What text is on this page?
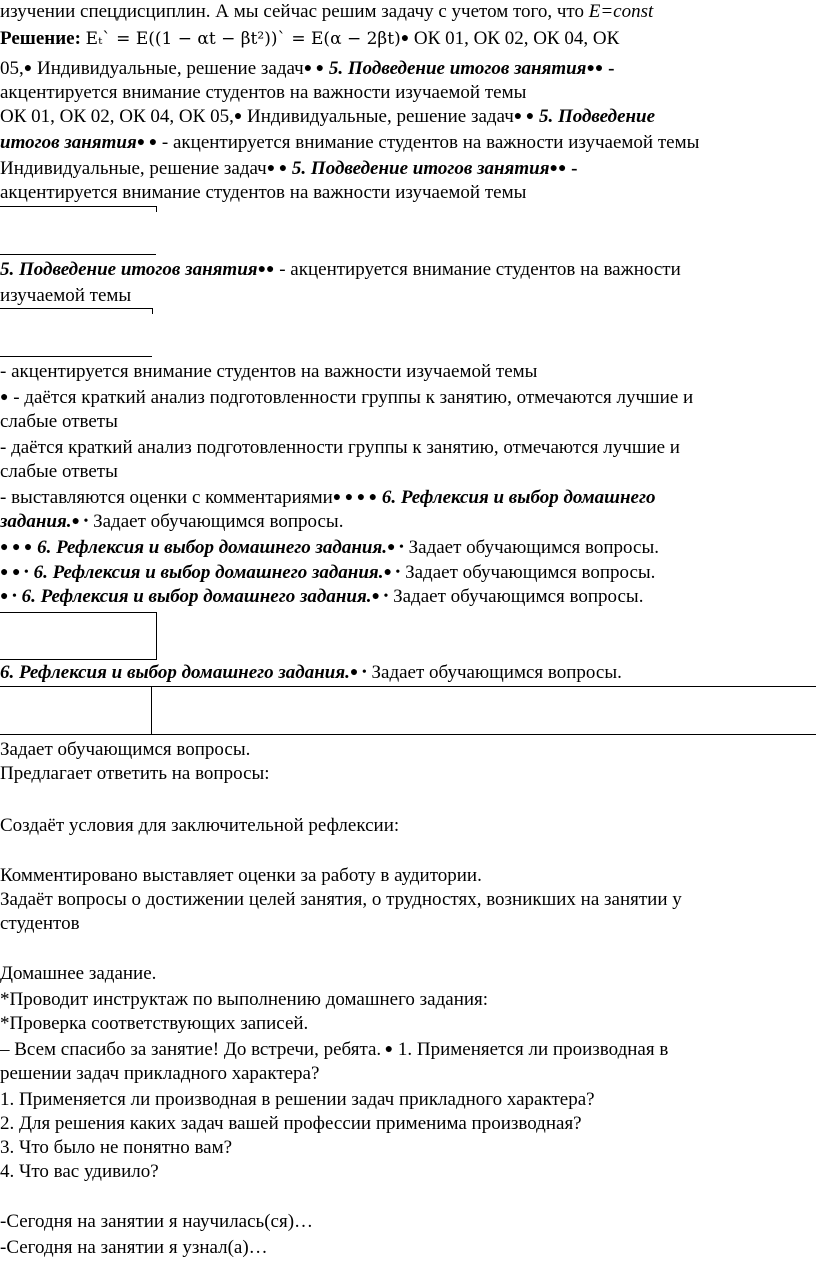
изучении спецдисциплин. А мы сейчас решим задачу с учетом того, что E=const
Решение: Eₜ` = E((1 − αt − βt²))` = E(α − 2βt)● ОК 01, ОК 02, ОК 04, ОК
05,● Индивидуальные, решение задач● ● 5. Подведение итогов занятия●● -
акцентируется внимание студентов на важности изучаемой темы
ОК 01, ОК 02, ОК 04, ОК 05,● Индивидуальные, решение задач● ● 5. Подведение
итогов занятия● ● - акцентируется внимание студентов на важности изучаемой темы
Индивидуальные, решение задач● ● 5. Подведение итогов занятия●● -
акцентируется внимание студентов на важности изучаемой темы
5. Подведение итогов занятия●● - акцентируется внимание студентов на важности
изучаемой темы
- акцентируется внимание студентов на важности изучаемой темы
● - даётся краткий анализ подготовленности группы к занятию, отмечаются лучшие и
слабые ответы
- даётся краткий анализ подготовленности группы к занятию, отмечаются лучшие и
слабые ответы
- выставляются оценки с комментариями● ● ● ● 6. Рефлексия и выбор домашнего
задания.● • Задает обучающимся вопросы.
● ● ● 6. Рефлексия и выбор домашнего задания.● • Задает обучающимся вопросы.
● ● • 6. Рефлексия и выбор домашнего задания.● • Задает обучающимся вопросы.
● • 6. Рефлексия и выбор домашнего задания.● • Задает обучающимся вопросы.
6. Рефлексия и выбор домашнего задания.● • Задает обучающимся вопросы.
Задает обучающимся вопросы.
Предлагает ответить на вопросы:
Создаёт условия для заключительной рефлексии:
Комментировано выставляет оценки за работу в аудитории.
Задаёт вопросы о достижении целей занятия, о трудностях, возникших на занятии у
студентов
Домашнее задание.
*Проводит инструктаж по выполнению домашнего задания:
*Проверка соответствующих записей.
– Всем спасибо за занятие! До встречи, ребята. ● 1. Применяется ли производная в
решении задач прикладного характера?
1. Применяется ли производная в решении задач прикладного характера?
2. Для решения каких задач вашей профессии применима производная?
3. Что было не понятно вам?
4. Что вас удивило?
-Сегодня на занятии я научилась(ся)…
-Сегодня на занятии я узнал(а)…
